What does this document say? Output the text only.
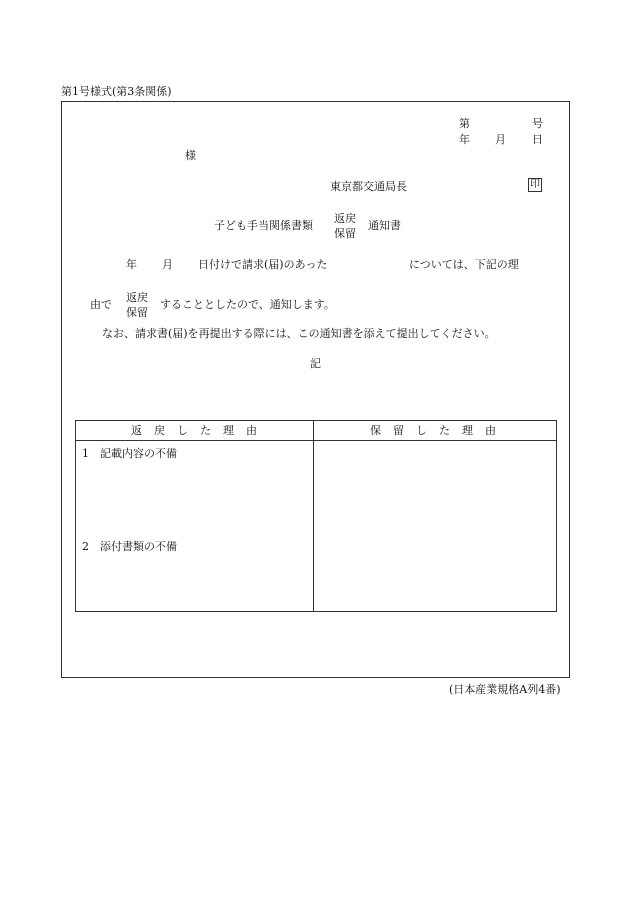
第1号様式(第3条関係)
第	号
年 月 日
様
東京都交通局長	印
子ども手当関係書類
返戻
保留
通知書
年 月 日付けで請求(届)のあった	については、下記の理
由で
返戻
保留
することとしたので、通知します。
なお、請求書(届)を再提出する際には、この通知書を添えて提出してください。
記
返戻した理由	保留した理由
1　記載内容の不備
2　添付書類の不備
(日本産業規格A列4番)
